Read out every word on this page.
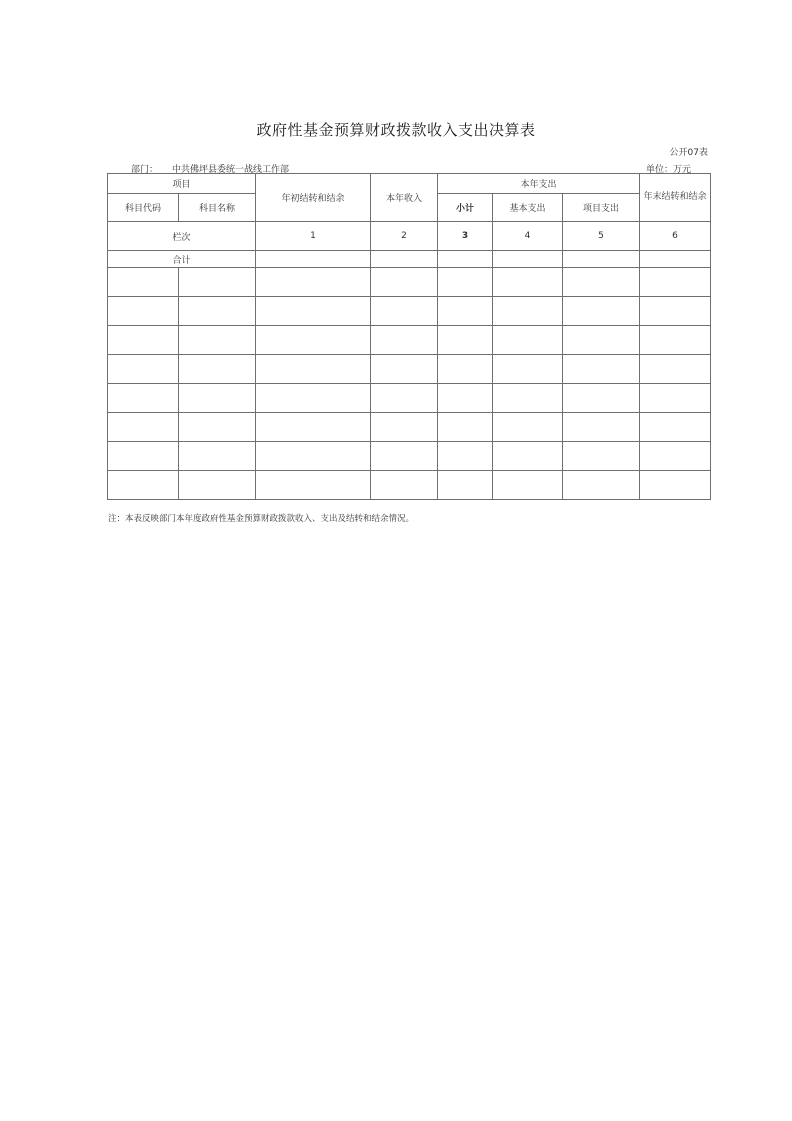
政府性基金预算财政拨款收入支出决算表
公开07表
部门： 中共佛坪县委统一战线工作部	单位：万元
项目		年初结转和结余	本年收入	本年支出			年末结转和结余
科目代码	科目名称			小计	基本支出	项目支出	
栏次		1	2	3	4	5	6
合计							

注：本表反映部门本年度政府性基金预算财政拨款收入、支出及结转和结余情况。
